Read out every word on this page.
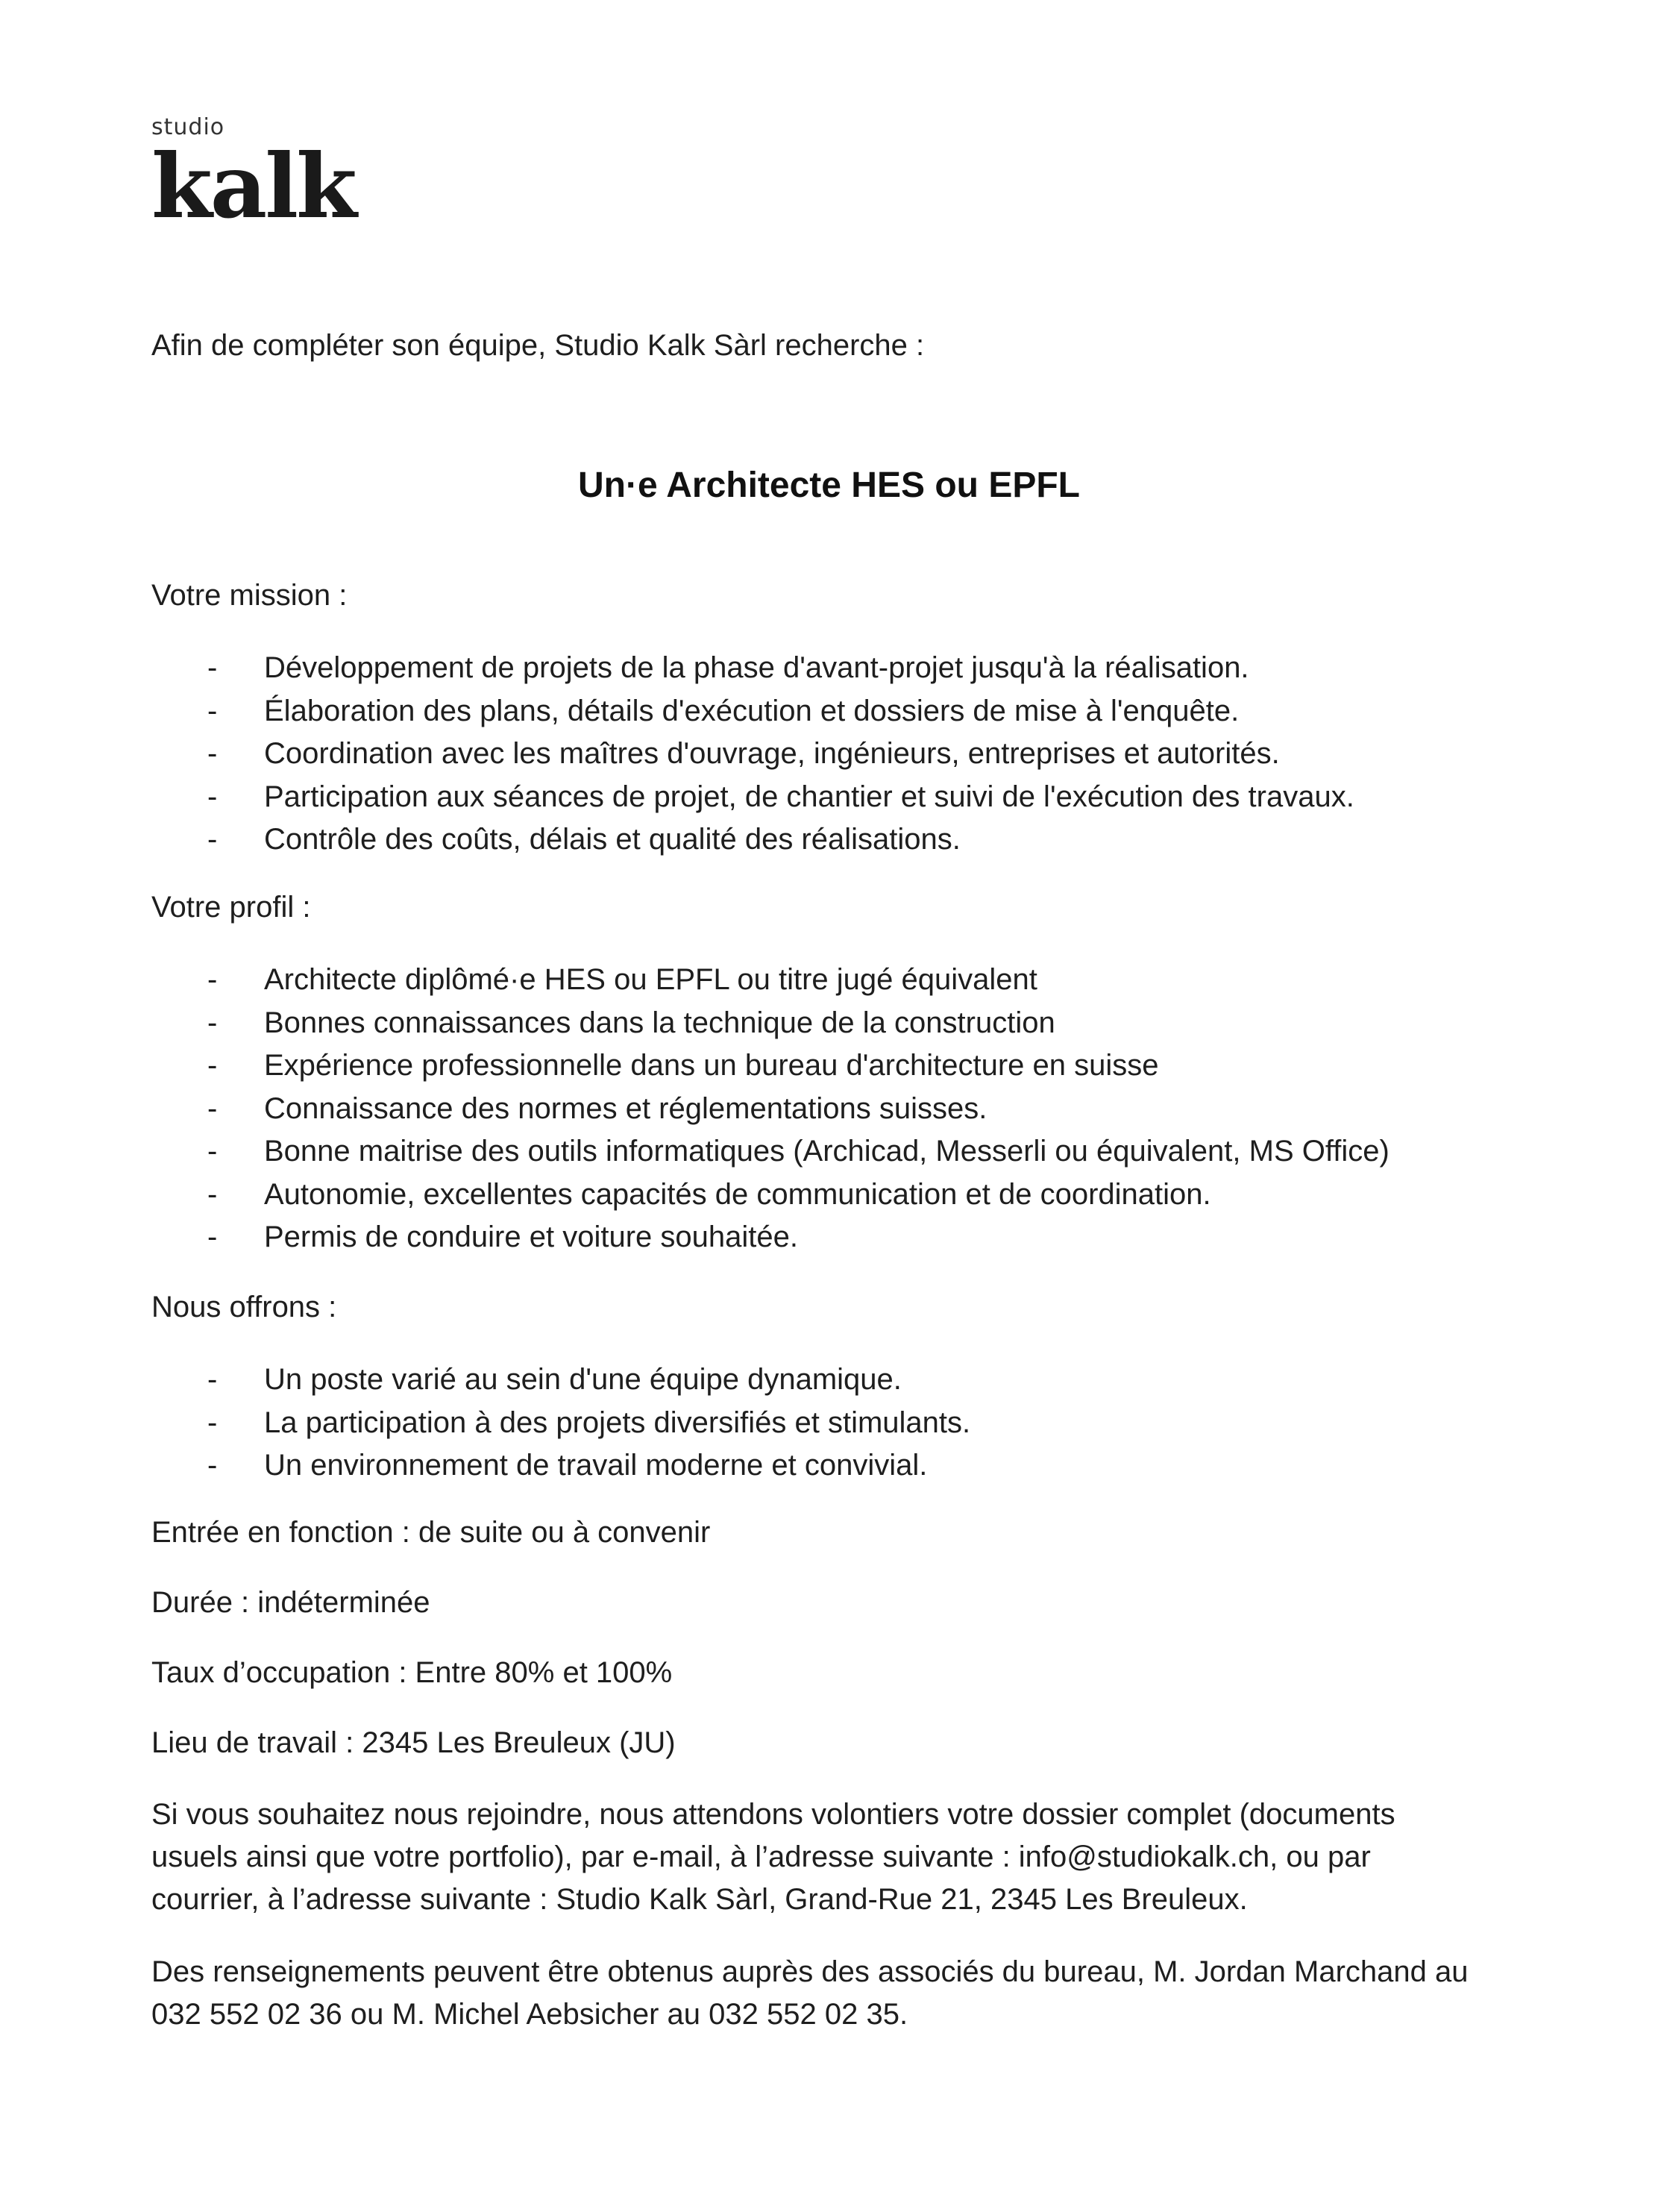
studio
kalk
Afin de compléter son équipe, Studio Kalk Sàrl recherche :
Un·e Architecte HES ou EPFL
Votre mission :
- Développement de projets de la phase d'avant-projet jusqu'à la réalisation.
- Élaboration des plans, détails d'exécution et dossiers de mise à l'enquête.
- Coordination avec les maîtres d'ouvrage, ingénieurs, entreprises et autorités.
- Participation aux séances de projet, de chantier et suivi de l'exécution des travaux.
- Contrôle des coûts, délais et qualité des réalisations.
Votre profil :
- Architecte diplômé·e HES ou EPFL ou titre jugé équivalent
- Bonnes connaissances dans la technique de la construction
- Expérience professionnelle dans un bureau d'architecture en suisse
- Connaissance des normes et réglementations suisses.
- Bonne maitrise des outils informatiques (Archicad, Messerli ou équivalent, MS Office)
- Autonomie, excellentes capacités de communication et de coordination.
- Permis de conduire et voiture souhaitée.
Nous offrons :
- Un poste varié au sein d'une équipe dynamique.
- La participation à des projets diversifiés et stimulants.
- Un environnement de travail moderne et convivial.
Entrée en fonction : de suite ou à convenir
Durée : indéterminée
Taux d’occupation : Entre 80% et 100%
Lieu de travail : 2345 Les Breuleux (JU)
Si vous souhaitez nous rejoindre, nous attendons volontiers votre dossier complet (documents
usuels ainsi que votre portfolio), par e-mail, à l’adresse suivante : info@studiokalk.ch, ou par
courrier, à l’adresse suivante : Studio Kalk Sàrl, Grand-Rue 21, 2345 Les Breuleux.
Des renseignements peuvent être obtenus auprès des associés du bureau, M. Jordan Marchand au
032 552 02 36 ou M. Michel Aebsicher au 032 552 02 35.
